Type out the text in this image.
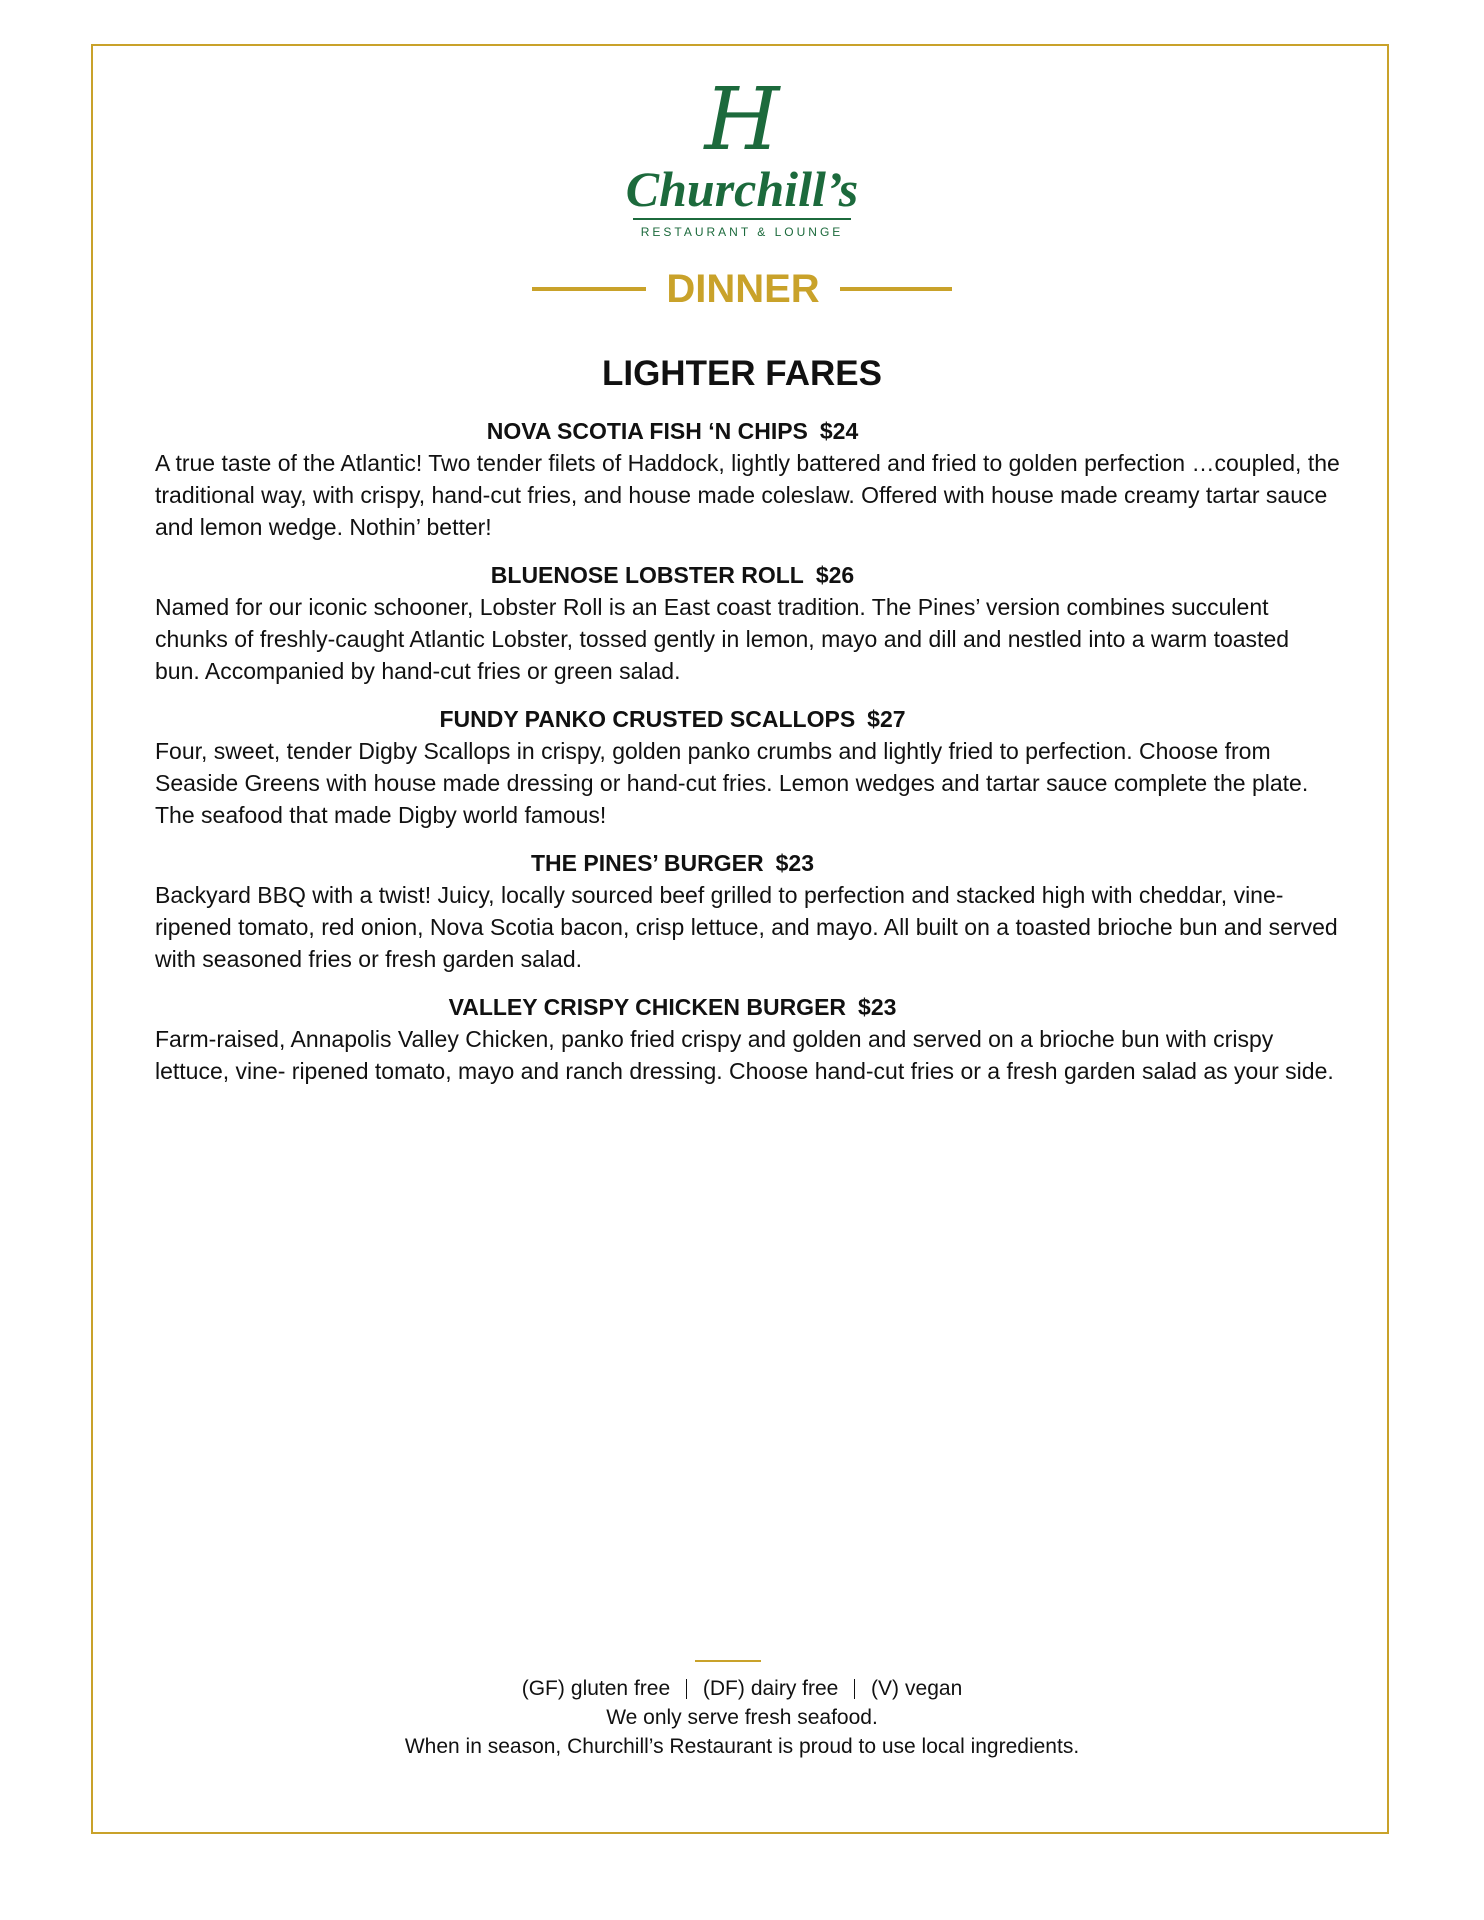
H
Churchill’s
RESTAURANT & LOUNGE
DINNER
LIGHTER FARES
NOVA SCOTIA FISH ‘N CHIPS $24
A true taste of the Atlantic! Two tender filets of Haddock, lightly battered and fried to golden perfection …coupled, the traditional way, with crispy, hand-cut fries, and house made coleslaw. Offered with house made creamy tartar sauce and lemon wedge. Nothin’ better!
BLUENOSE LOBSTER ROLL $26
Named for our iconic schooner, Lobster Roll is an East coast tradition. The Pines’ version combines succulent chunks of freshly-caught Atlantic Lobster, tossed gently in lemon, mayo and dill and nestled into a warm toasted bun. Accompanied by hand-cut fries or green salad.
FUNDY PANKO CRUSTED SCALLOPS $27
Four, sweet, tender Digby Scallops in crispy, golden panko crumbs and lightly fried to perfection. Choose from Seaside Greens with house made dressing or hand-cut fries. Lemon wedges and tartar sauce complete the plate. The seafood that made Digby world famous!
THE PINES’ BURGER $23
Backyard BBQ with a twist! Juicy, locally sourced beef grilled to perfection and stacked high with cheddar, vine-ripened tomato, red onion, Nova Scotia bacon, crisp lettuce, and mayo. All built on a toasted brioche bun and served with seasoned fries or fresh garden salad.
VALLEY CRISPY CHICKEN BURGER $23
Farm-raised, Annapolis Valley Chicken, panko fried crispy and golden and served on a brioche bun with crispy lettuce, vine- ripened tomato, mayo and ranch dressing. Choose hand-cut fries or a fresh garden salad as your side.
(GF) gluten free (DF) dairy free (V) vegan
We only serve fresh seafood.
When in season, Churchill’s Restaurant is proud to use local ingredients.
